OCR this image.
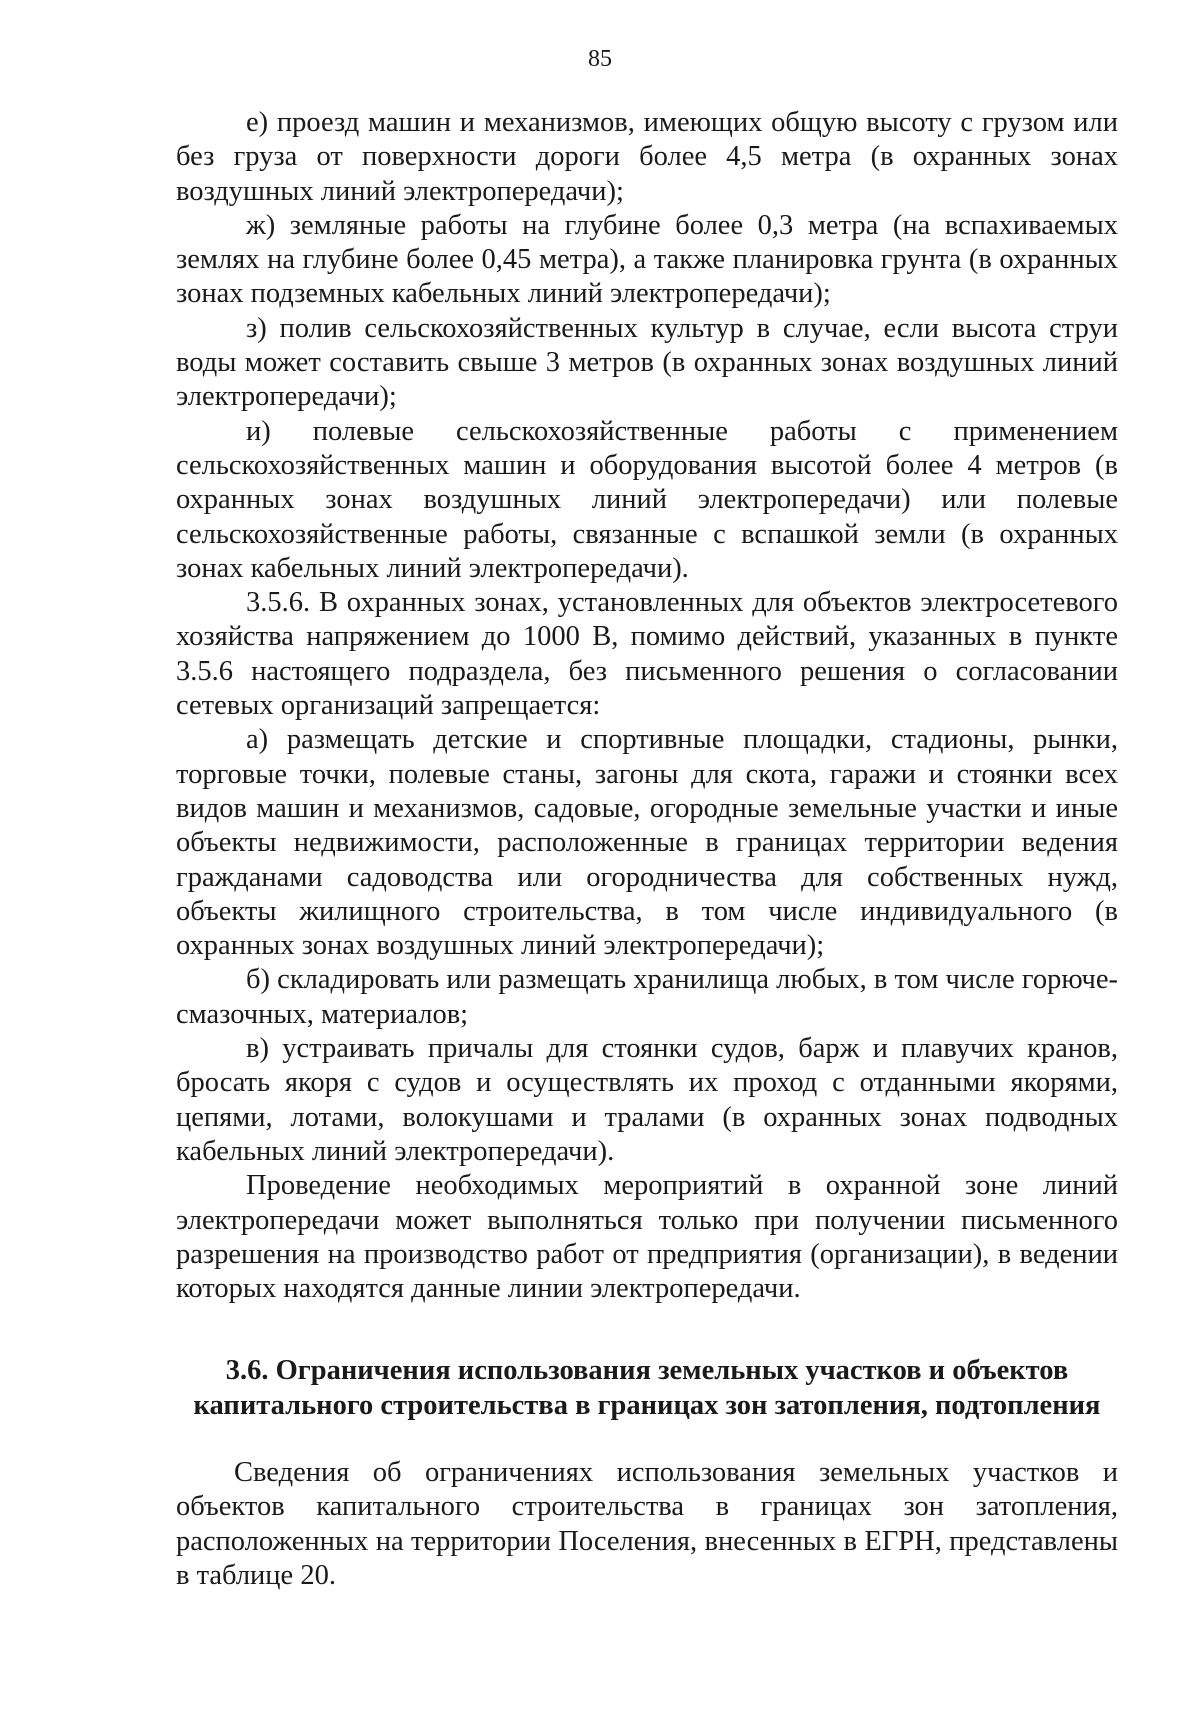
85

е) проезд машин и механизмов, имеющих общую высоту с грузом или без груза от поверхности дороги более 4,5 метра (в охранных зонах воздушных линий электропередачи);

ж) земляные работы на глубине более 0,3 метра (на вспахиваемых землях на глубине более 0,45 метра), а также планировка грунта (в охранных зонах подземных кабельных линий электропередачи);

з) полив сельскохозяйственных культур в случае, если высота струи воды может составить свыше 3 метров (в охранных зонах воздушных линий электропередачи);

и) полевые сельскохозяйственные работы с применением сельскохозяйственных машин и оборудования высотой более 4 метров (в охранных зонах воздушных линий электропередачи) или полевые сельскохозяйственные работы, связанные с вспашкой земли (в охранных зонах кабельных линий электропередачи).

3.5.6. В охранных зонах, установленных для объектов электросетевого хозяйства напряжением до 1000 В, помимо действий, указанных в пункте 3.5.6 настоящего подраздела, без письменного решения о согласовании сетевых организаций запрещается:

а) размещать детские и спортивные площадки, стадионы, рынки, торговые точки, полевые станы, загоны для скота, гаражи и стоянки всех видов машин и механизмов, садовые, огородные земельные участки и иные объекты недвижимости, расположенные в границах территории ведения гражданами садоводства или огородничества для собственных нужд, объекты жилищного строительства, в том числе индивидуального (в охранных зонах воздушных линий электропередачи);

б) складировать или размещать хранилища любых, в том числе горюче-смазочных, материалов;

в) устраивать причалы для стоянки судов, барж и плавучих кранов, бросать якоря с судов и осуществлять их проход с отданными якорями, цепями, лотами, волокушами и тралами (в охранных зонах подводных кабельных линий электропередачи).

Проведение необходимых мероприятий в охранной зоне линий электропередачи может выполняться только при получении письменного разрешения на производство работ от предприятия (организации), в ведении которых находятся данные линии электропередачи.

3.6. Ограничения использования земельных участков и объектов
капитального строительства в границах зон затопления, подтопления

Сведения об ограничениях использования земельных участков и объектов капитального строительства в границах зон затопления, расположенных на территории Поселения, внесенных в ЕГРН, представлены в таблице 20.
